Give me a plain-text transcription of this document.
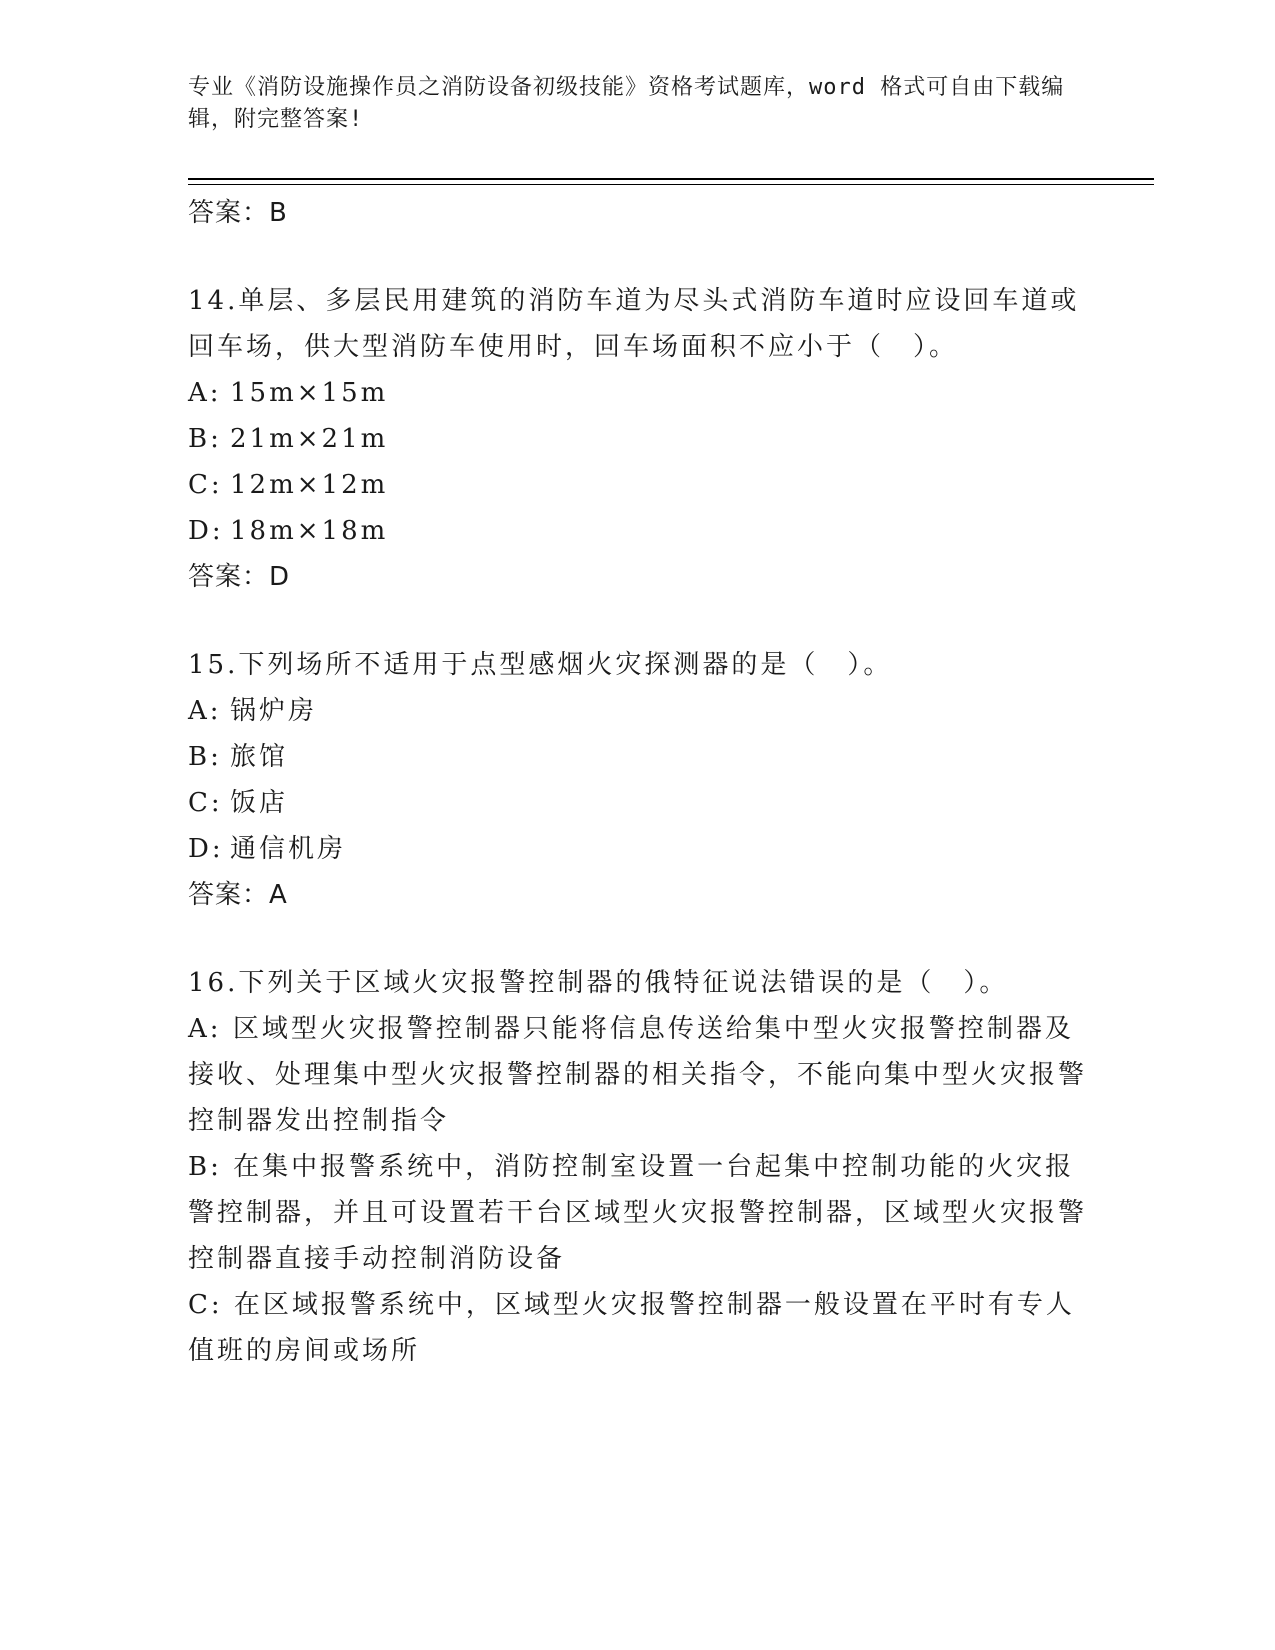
专业《消防设施操作员之消防设备初级技能》资格考试题库，word 格式可自由下载编辑，附完整答案!

答案：B

14.单层、多层民用建筑的消防车道为尽头式消防车道时应设回车道或回车场，供大型消防车使用时，回车场面积不应小于（　）。

A: 15m×15m

B: 21m×21m

C: 12m×12m

D: 18m×18m

答案：D

15.下列场所不适用于点型感烟火灾探测器的是（　）。

A: 锅炉房

B: 旅馆

C: 饭店

D: 通信机房

答案：A

16.下列关于区域火灾报警控制器的俄特征说法错误的是（　）。

A: 区域型火灾报警控制器只能将信息传送给集中型火灾报警控制器及接收、处理集中型火灾报警控制器的相关指令，不能向集中型火灾报警控制器发出控制指令

B: 在集中报警系统中，消防控制室设置一台起集中控制功能的火灾报警控制器，并且可设置若干台区域型火灾报警控制器，区域型火灾报警控制器直接手动控制消防设备

C: 在区域报警系统中，区域型火灾报警控制器一般设置在平时有专人值班的房间或场所
